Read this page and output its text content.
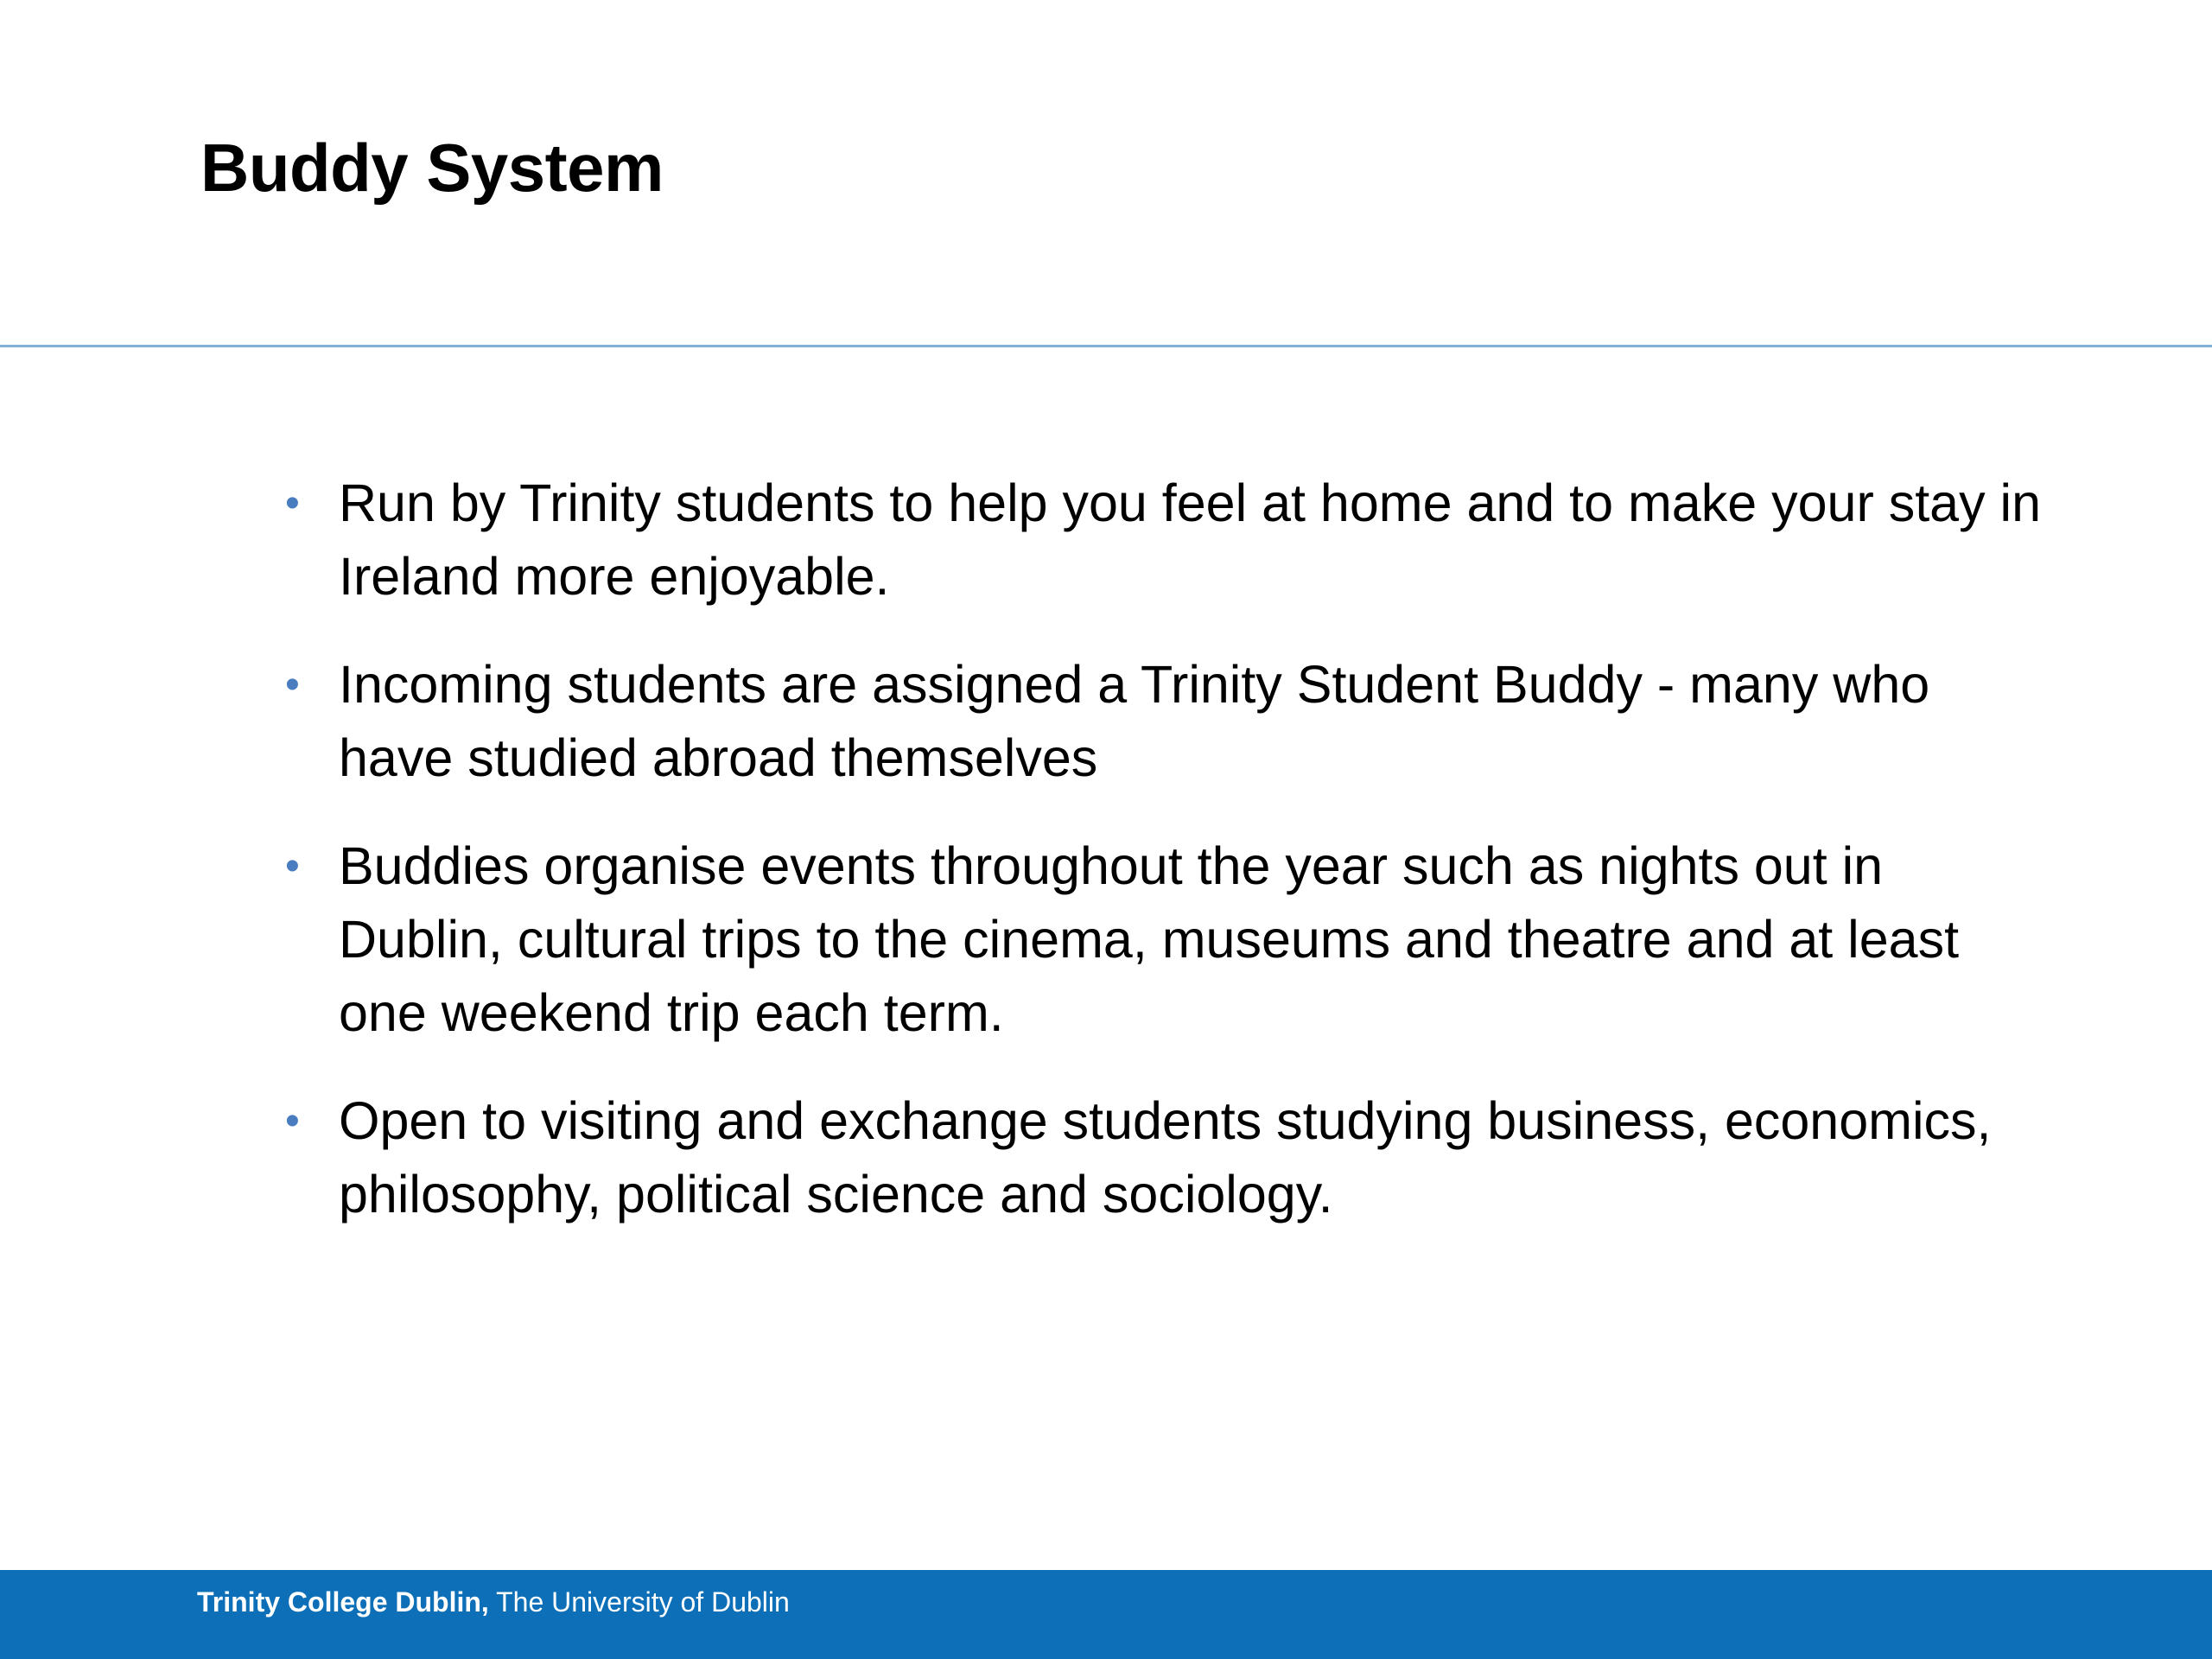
Buddy System
• Run by Trinity students to help you feel at home and to make your stay in Ireland more enjoyable.
• Incoming students are assigned a Trinity Student Buddy - many who have studied abroad themselves
• Buddies organise events throughout the year such as nights out in Dublin, cultural trips to the cinema, museums and theatre and at least one weekend trip each term.
• Open to visiting and exchange students studying business, economics, philosophy, political science and sociology.
Trinity College Dublin, The University of Dublin
